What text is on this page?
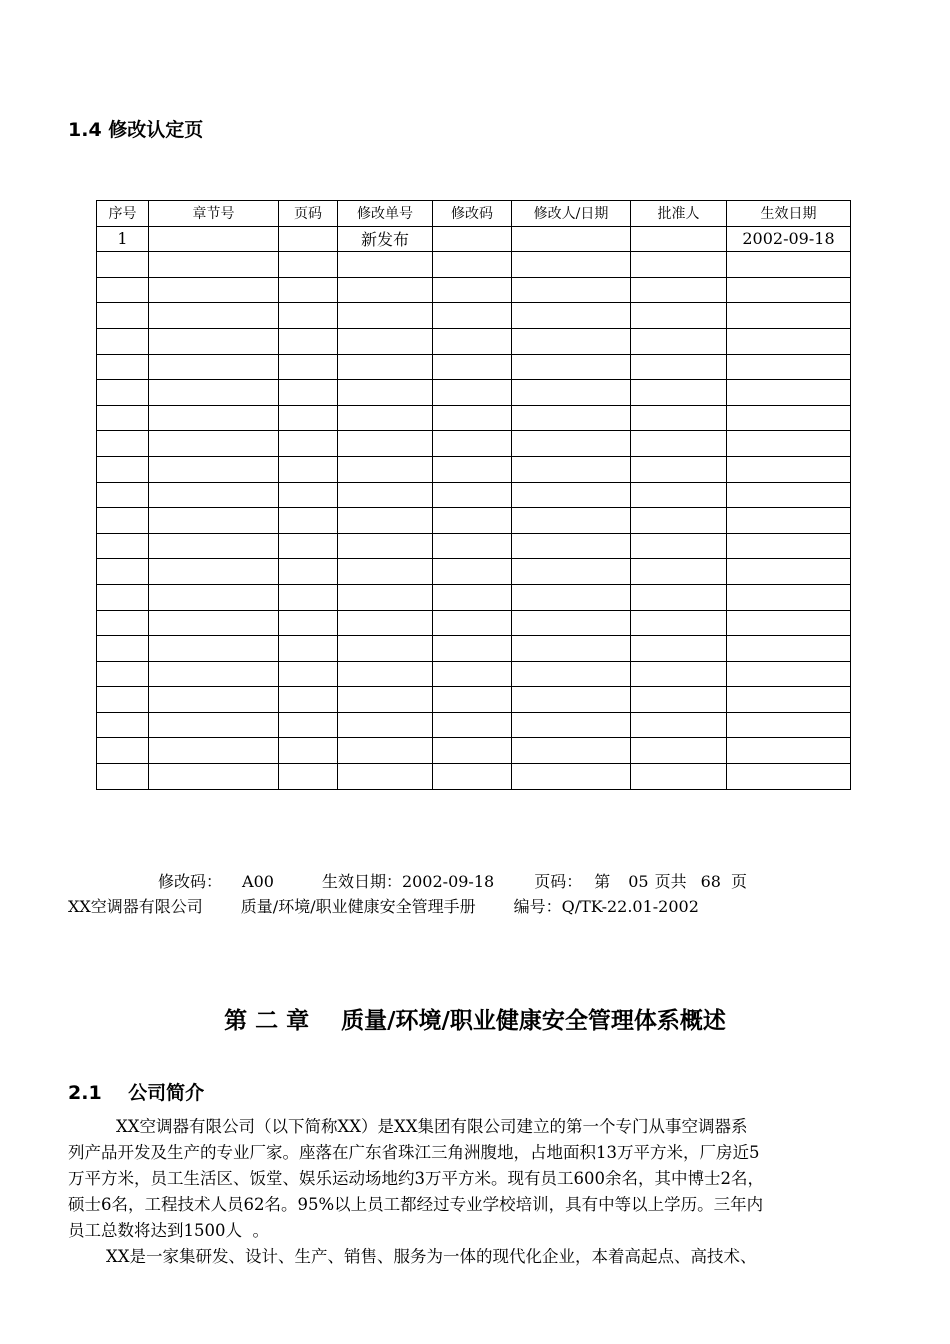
1.4 修改认定页
序号	章节号	页码	修改单号	修改码	修改人/日期	批准人	生效日期
1			新发布				2002-09-18

修改码： A00	生效日期：2002-09-18	页码： 第 05 页共 68 页
XX空调器有限公司 质量/环境/职业健康安全管理手册 编号：Q/TK-22.01-2002
第 二 章    质量/环境/职业健康安全管理体系概述
2.1    公司简介
XX空调器有限公司（以下简称XX）是XX集团有限公司建立的第一个专门从事空调器系
列产品开发及生产的专业厂家。座落在广东省珠江三角洲腹地，占地面积13万平方米，厂房近5
万平方米，员工生活区、饭堂、娱乐运动场地约3万平方米。现有员工600余名，其中博士2名，
硕士6名，工程技术人员62名。95%以上员工都经过专业学校培训，具有中等以上学历。三年内
员工总数将达到1500人  。
XX是一家集研发、设计、生产、销售、服务为一体的现代化企业，本着高起点、高技术、
